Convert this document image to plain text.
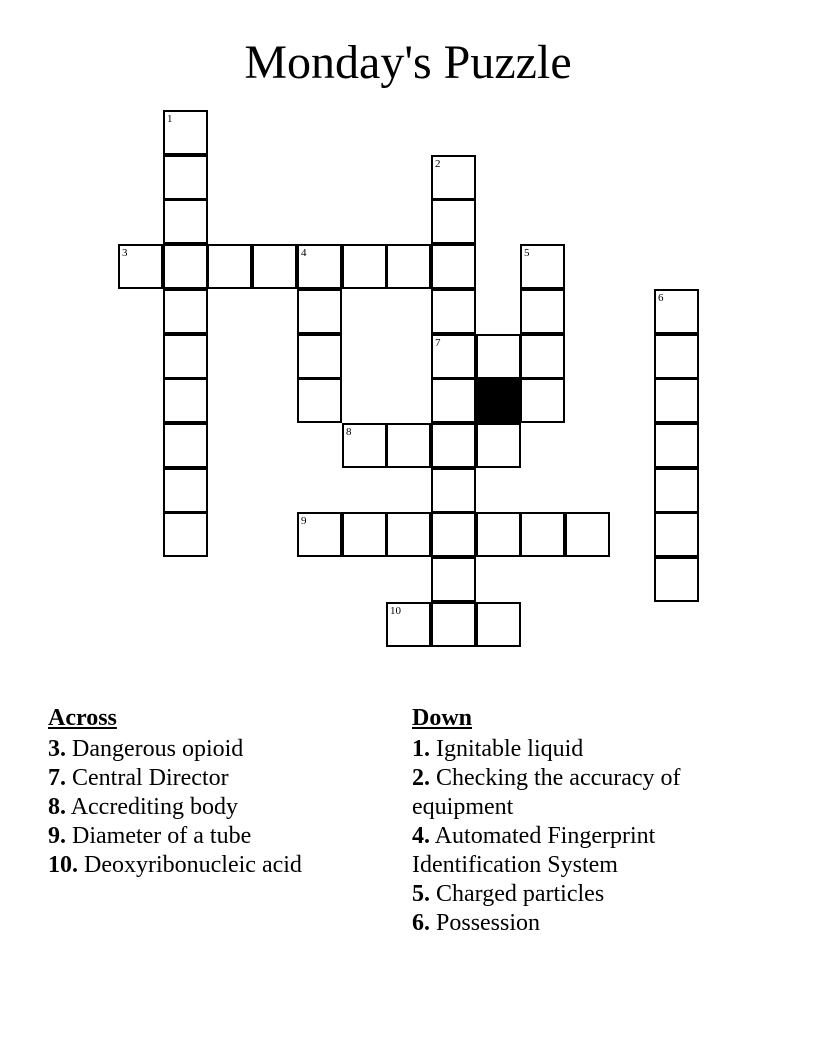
Monday's Puzzle
1
3	4
2
7
5
8
9
10
6
Across

3. Dangerous opioid

7. Central Director

8. Accrediting body

9. Diameter of a tube

10. Deoxyribonucleic acid

Down

1. Ignitable liquid

2. Checking the accuracy of equipment

4. Automated Fingerprint Identification System

5. Charged particles

6. Possession
